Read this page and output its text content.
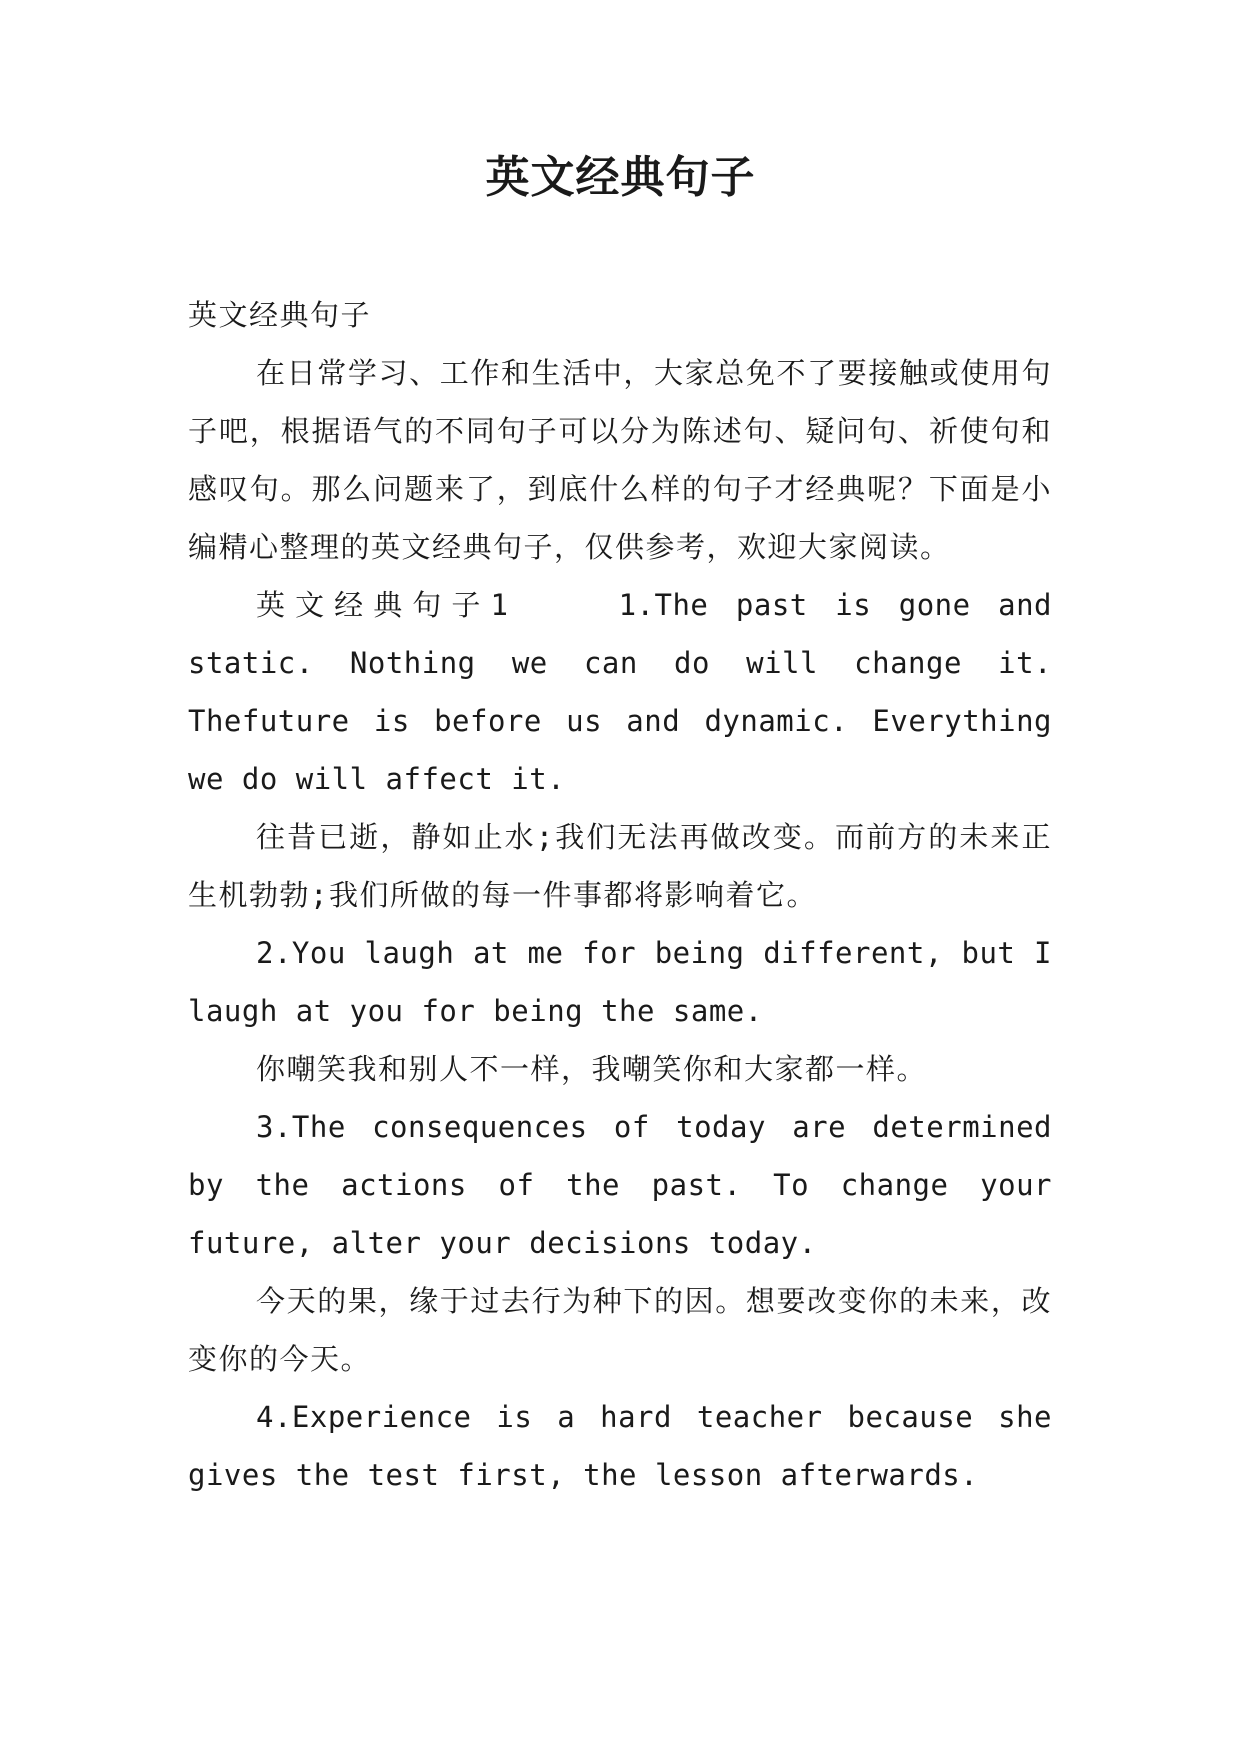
英文经典句子

英文经典句子

在日常学习、工作和生活中，大家总免不了要接触或使用句子吧，根据语气的不同句子可以分为陈述句、疑问句、祈使句和感叹句。那么问题来了，到底什么样的句子才经典呢？下面是小编精心整理的英文经典句子，仅供参考，欢迎大家阅读。

英文经典句子1	1.The past is gone and static. Nothing we can do will change it. Thefuture is before us and dynamic. Everything we do will affect it.

往昔已逝，静如止水;我们无法再做改变。而前方的未来正生机勃勃;我们所做的每一件事都将影响着它。

2.You laugh at me for being different, but I laugh at you for being the same.

你嘲笑我和别人不一样，我嘲笑你和大家都一样。

3.The consequences of today are determined by the actions of the past. To change your future, alter your decisions today.

今天的果，缘于过去行为种下的因。想要改变你的未来，改变你的今天。

4.Experience is a hard teacher because she gives the test first, the lesson afterwards.
